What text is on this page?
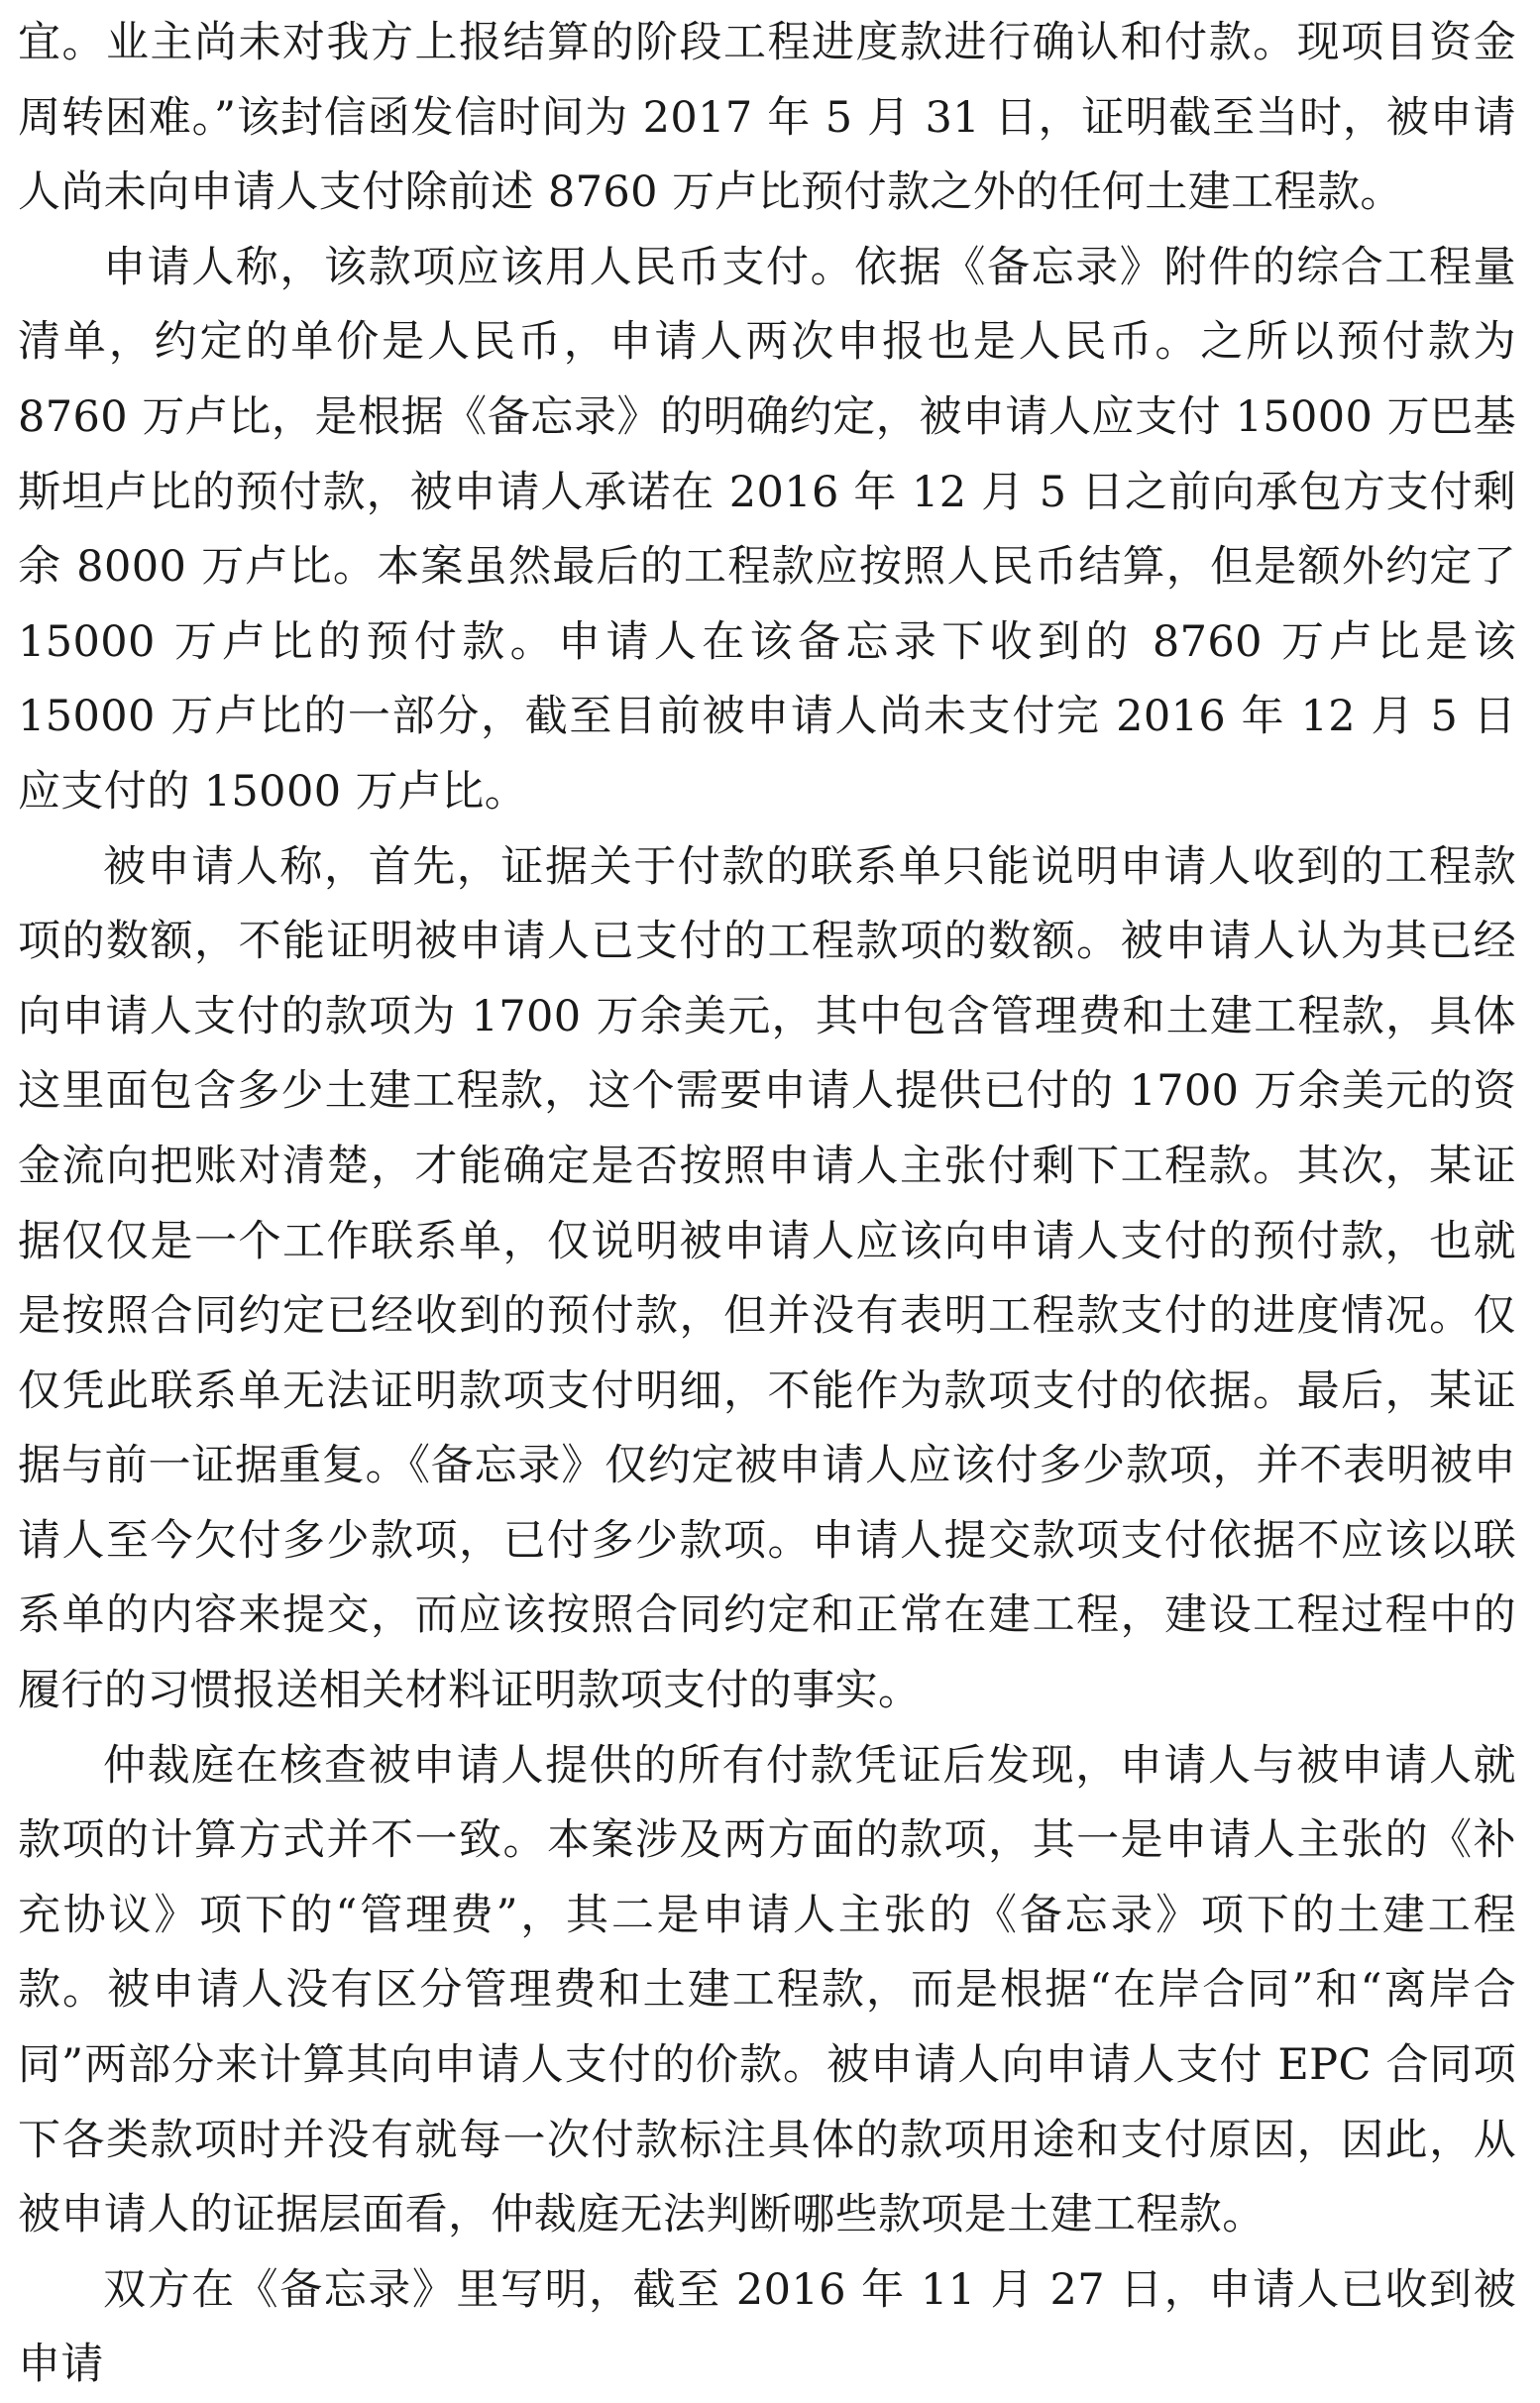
宜。业主尚未对我方上报结算的阶段工程进度款进行确认和付款。现项目资金周转困难。”该封信函发信时间为 2017 年 5 月 31 日，证明截至当时，被申请人尚未向申请人支付除前述 8760 万卢比预付款之外的任何土建工程款。

申请人称，该款项应该用人民币支付。依据《备忘录》附件的综合工程量清单，约定的单价是人民币，申请人两次申报也是人民币。之所以预付款为 8760 万卢比，是根据《备忘录》的明确约定，被申请人应支付 15000 万巴基斯坦卢比的预付款，被申请人承诺在 2016 年 12 月 5 日之前向承包方支付剩余 8000 万卢比。本案虽然最后的工程款应按照人民币结算，但是额外约定了 15000 万卢比的预付款。申请人在该备忘录下收到的 8760 万卢比是该 15000 万卢比的一部分，截至目前被申请人尚未支付完 2016 年 12 月 5 日应支付的 15000 万卢比。

被申请人称，首先，证据关于付款的联系单只能说明申请人收到的工程款项的数额，不能证明被申请人已支付的工程款项的数额。被申请人认为其已经向申请人支付的款项为 1700 万余美元，其中包含管理费和土建工程款，具体这里面包含多少土建工程款，这个需要申请人提供已付的 1700 万余美元的资金流向把账对清楚，才能确定是否按照申请人主张付剩下工程款。其次，某证据仅仅是一个工作联系单，仅说明被申请人应该向申请人支付的预付款，也就是按照合同约定已经收到的预付款，但并没有表明工程款支付的进度情况。仅仅凭此联系单无法证明款项支付明细，不能作为款项支付的依据。最后，某证据与前一证据重复。《备忘录》仅约定被申请人应该付多少款项，并不表明被申请人至今欠付多少款项，已付多少款项。申请人提交款项支付依据不应该以联系单的内容来提交，而应该按照合同约定和正常在建工程，建设工程过程中的履行的习惯报送相关材料证明款项支付的事实。

仲裁庭在核查被申请人提供的所有付款凭证后发现，申请人与被申请人就款项的计算方式并不一致。本案涉及两方面的款项，其一是申请人主张的《补充协议》项下的“管理费”，其二是申请人主张的《备忘录》项下的土建工程款。被申请人没有区分管理费和土建工程款，而是根据“在岸合同”和“离岸合同”两部分来计算其向申请人支付的价款。被申请人向申请人支付 EPC 合同项下各类款项时并没有就每一次付款标注具体的款项用途和支付原因，因此，从被申请人的证据层面看，仲裁庭无法判断哪些款项是土建工程款。

双方在《备忘录》里写明，截至 2016 年 11 月 27 日，申请人已收到被申请
